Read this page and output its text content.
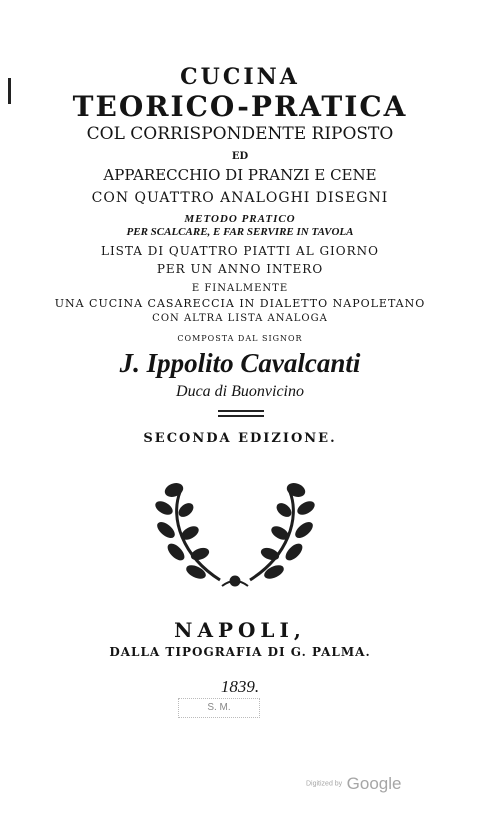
CUCINA
TEORICO-PRATICA
COL CORRISPONDENTE RIPOSTO
ED
APPARECCHIO DI PRANZI E CENE
CON QUATTRO ANALOGHI DISEGNI
METODO PRATICO
PER SCALCARE, E FAR SERVIRE IN TAVOLA
LISTA DI QUATTRO PIATTI AL GIORNO
PER UN ANNO INTERO
E FINALMENTE
UNA CUCINA CASARECCIA IN DIALETTO NAPOLETANO
CON ALTRA LISTA ANALOGA
COMPOSTA DAL SIGNOR
J. Ippolito Cavalcanti
Duca di Buonvicino
SECONDA EDIZIONE.
NAPOLI,
DALLA TIPOGRAFIA DI G. PALMA.
1839.
S. M.
Digitized by Google
